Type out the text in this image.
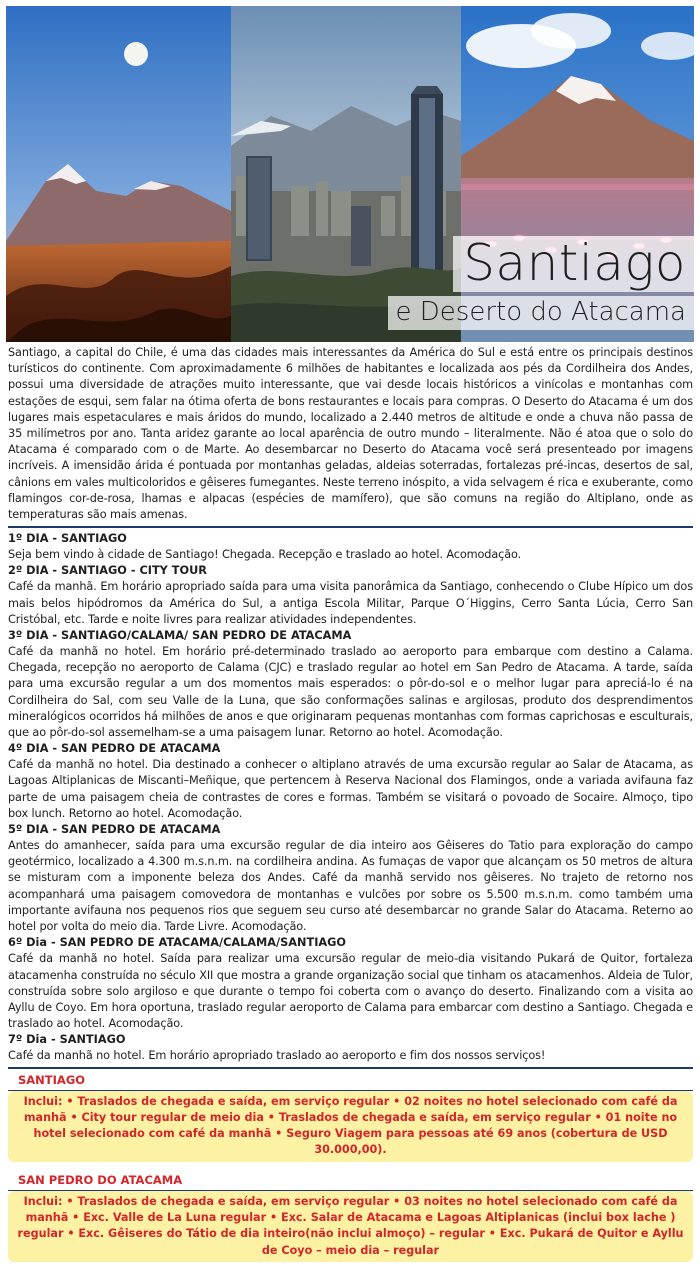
Santiago
e Deserto do Atacama

Santiago, a capital do Chile, é uma das cidades mais interessantes da América do Sul e está entre os principais destinos turísticos do continente. Com aproximadamente 6 milhões de habitantes e localizada aos pés da Cordilheira dos Andes, possui uma diversidade de atrações muito interessante, que vai desde locais históricos a vinícolas e montanhas com estações de esqui, sem falar na ótima oferta de bons restaurantes e locais para compras. O Deserto do Atacama é um dos lugares mais espetaculares e mais áridos do mundo, localizado a 2.440 metros de altitude e onde a chuva não passa de 35 milímetros por ano. Tanta aridez garante ao local aparência de outro mundo – literalmente. Não é atoa que o solo do Atacama é comparado com o de Marte. Ao desembarcar no Deserto do Atacama você será presenteado por imagens incríveis. A imensidão árida é pontuada por montanhas geladas, aldeias soterradas, fortalezas pré-incas, desertos de sal, cânions em vales multicoloridos e gêiseres fumegantes. Neste terreno inóspito, a vida selvagem é rica e exuberante, como flamingos cor-de-rosa, lhamas e alpacas (espécies de mamífero), que são comuns na região do Altiplano, onde as temperaturas são mais amenas.

1º DIA - SANTIAGO

Seja bem vindo à cidade de Santiago! Chegada. Recepção e traslado ao hotel. Acomodação.

2º DIA - SANTIAGO - CITY TOUR

Café da manhã. Em horário apropriado saída para uma visita panorâmica da Santiago, conhecendo o Clube Hípico um dos mais belos hipódromos da América do Sul, a antiga Escola Militar, Parque O´Higgins, Cerro Santa Lúcia, Cerro San Cristóbal, etc. Tarde e noite livres para realizar atividades independentes.

3º DIA - SANTIAGO/CALAMA/ SAN PEDRO DE ATACAMA

Café da manhã no hotel. Em horário pré-determinado traslado ao aeroporto para embarque com destino a Calama. Chegada, recepção no aeroporto de Calama (CJC) e traslado regular ao hotel em San Pedro de Atacama. A tarde, saída para uma excursão regular a um dos momentos mais esperados: o pôr-do-sol e o melhor lugar para apreciá-lo é na Cordilheira do Sal, com seu Valle de la Luna, que são conformações salinas e argilosas, produto dos desprendimentos mineralógicos ocorridos há milhões de anos e que originaram pequenas montanhas com formas caprichosas e esculturais, que ao pôr-do-sol assemelham-se a uma paisagem lunar. Retorno ao hotel. Acomodação.

4º DIA - SAN PEDRO DE ATACAMA

Café da manhã no hotel. Dia destinado a conhecer o altiplano através de uma excursão regular ao Salar de Atacama, as Lagoas Altiplanicas de Miscanti–Meñique, que pertencem à Reserva Nacional dos Flamingos, onde a variada avifauna faz parte de uma paisagem cheia de contrastes de cores e formas. Também se visitará o povoado de Socaire. Almoço, tipo box lunch. Retorno ao hotel. Acomodação.

5º DIA - SAN PEDRO DE ATACAMA

Antes do amanhecer, saída para uma excursão regular de dia inteiro aos Gêiseres do Tatio para exploração do campo geotérmico, localizado a 4.300 m.s.n.m. na cordilheira andina. As fumaças de vapor que alcançam os 50 metros de altura se misturam com a imponente beleza dos Andes. Café da manhã servido nos gêiseres. No trajeto de retorno nos acompanhará uma paisagem comovedora de montanhas e vulcões por sobre os 5.500 m.s.n.m. como também uma importante avifauna nos pequenos rios que seguem seu curso até desembarcar no grande Salar do Atacama. Reterno ao hotel por volta do meio dia. Tarde Livre. Acomodação.

6º Dia - SAN PEDRO DE ATACAMA/CALAMA/SANTIAGO

Café da manhã no hotel. Saída para realizar uma excursão regular de meio-dia visitando Pukará de Quitor, fortaleza atacamenha construída no século XII que mostra a grande organização social que tinham os atacamenhos. Aldeia de Tulor, construída sobre solo argiloso e que durante o tempo foi coberta com o avanço do deserto. Finalizando com a visita ao Ayllu de Coyo. Em hora oportuna, traslado regular aeroporto de Calama para embarcar com destino a Santiago. Chegada e traslado ao hotel. Acomodação.

7º Dia - SANTIAGO

Café da manhã no hotel. Em horário apropriado traslado ao aeroporto e fim dos nossos serviços!

SANTIAGO
Inclui: • Traslados de chegada e saída, em serviço regular • 02 noites no hotel selecionado com café da manhã • City tour regular de meio dia • Traslados de chegada e saída, em serviço regular • 01 noite no hotel selecionado com café da manhã • Seguro Viagem para pessoas até 69 anos (cobertura de USD 30.000,00).
SAN PEDRO DO ATACAMA
Inclui: • Traslados de chegada e saída, em serviço regular • 03 noites no hotel selecionado com café da manhã • Exc. Valle de La Luna regular • Exc. Salar de Atacama e Lagoas Altiplanicas (inclui box lache ) regular • Exc. Gêiseres do Tátio de dia inteiro(não inclui almoço) – regular • Exc. Pukará de Quitor e Ayllu de Coyo – meio dia – regular
